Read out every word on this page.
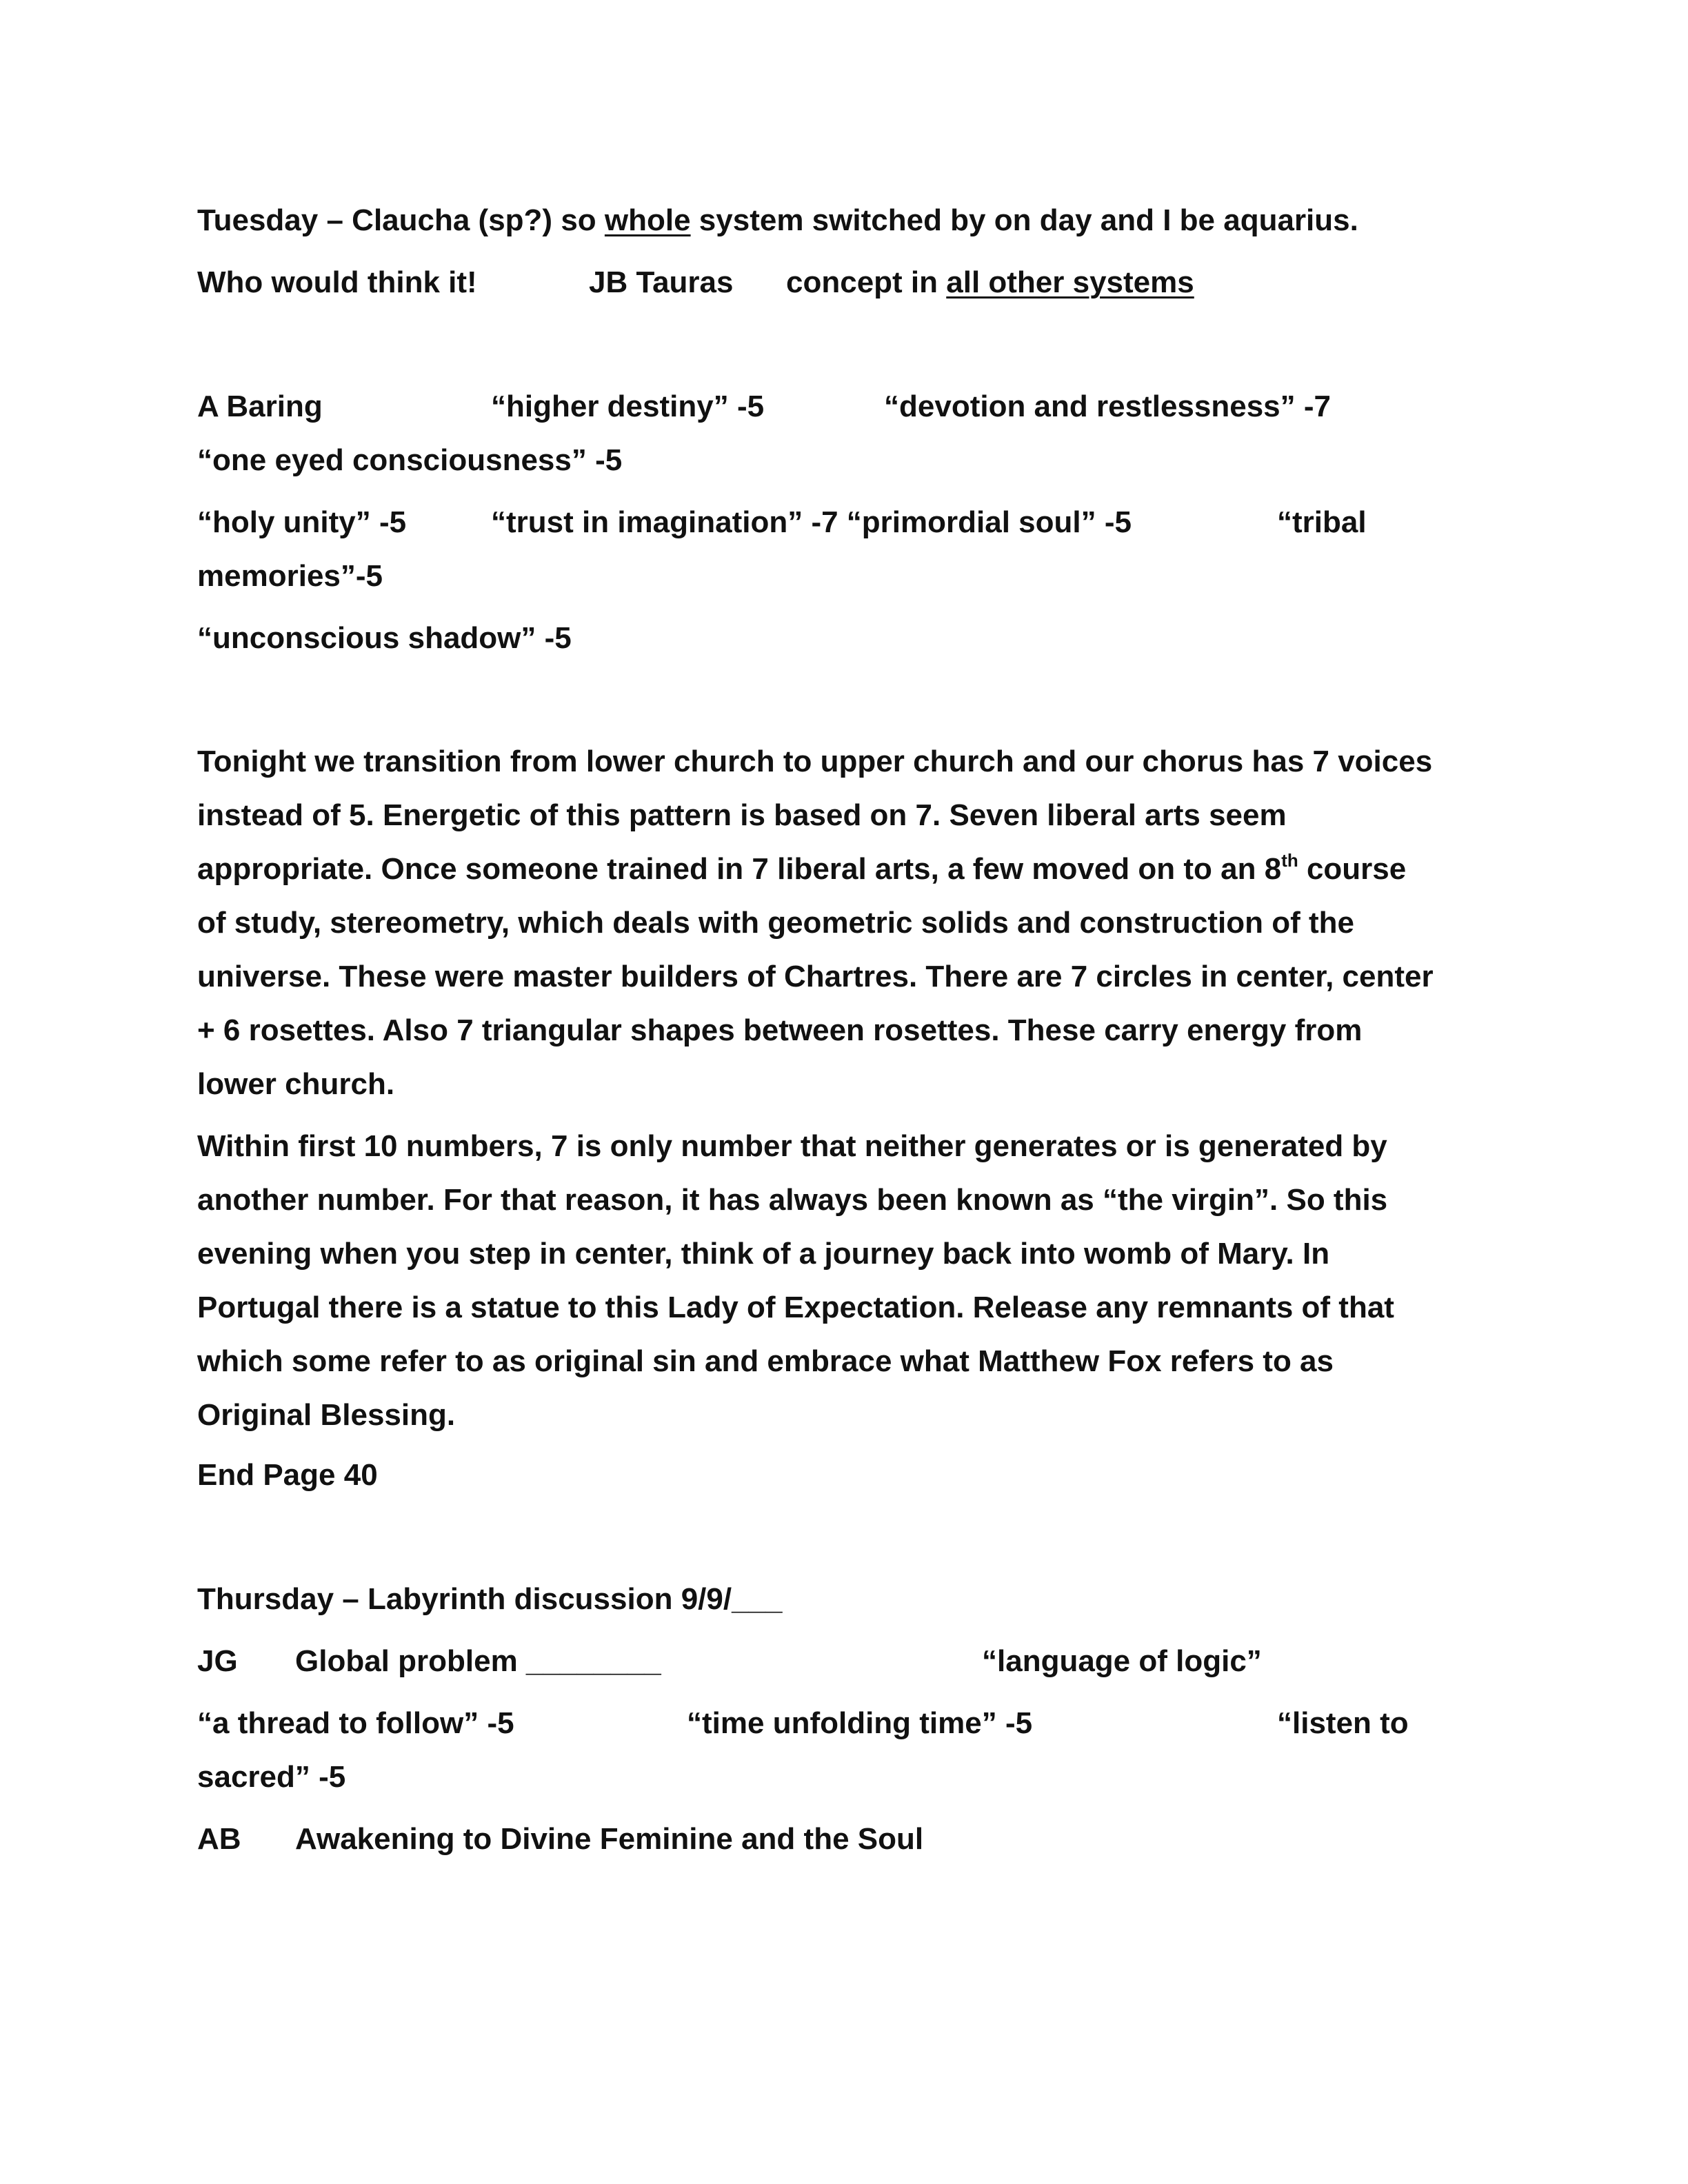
Tuesday – Claucha (sp?) so whole system switched by on day and I be aquarius.
Who would think it!	JB Tauras concept in all other systems
A Baring	“higher destiny” -5	“devotion and restlessness” -7
“one eyed consciousness” -5
“holy unity” -5	“trust in imagination” -7 “primordial soul” -5	“tribal
memories”-5
“unconscious shadow” -5
Tonight we transition from lower church to upper church and our chorus has 7 voices
instead of 5. Energetic of this pattern is based on 7. Seven liberal arts seem
appropriate. Once someone trained in 7 liberal arts, a few moved on to an 8th course
of study, stereometry, which deals with geometric solids and construction of the
universe. These were master builders of Chartres. There are 7 circles in center, center
+ 6 rosettes. Also 7 triangular shapes between rosettes. These carry energy from
lower church.
Within first 10 numbers, 7 is only number that neither generates or is generated by
another number. For that reason, it has always been known as “the virgin”. So this
evening when you step in center, think of a journey back into womb of Mary. In
Portugal there is a statue to this Lady of Expectation. Release any remnants of that
which some refer to as original sin and embrace what Matthew Fox refers to as
Original Blessing.
End Page 40
Thursday – Labyrinth discussion 9/9/___
JG Global problem ________	“language of logic”
“a thread to follow” -5	“time unfolding time” -5	“listen to
sacred” -5
AB Awakening to Divine Feminine and the Soul
